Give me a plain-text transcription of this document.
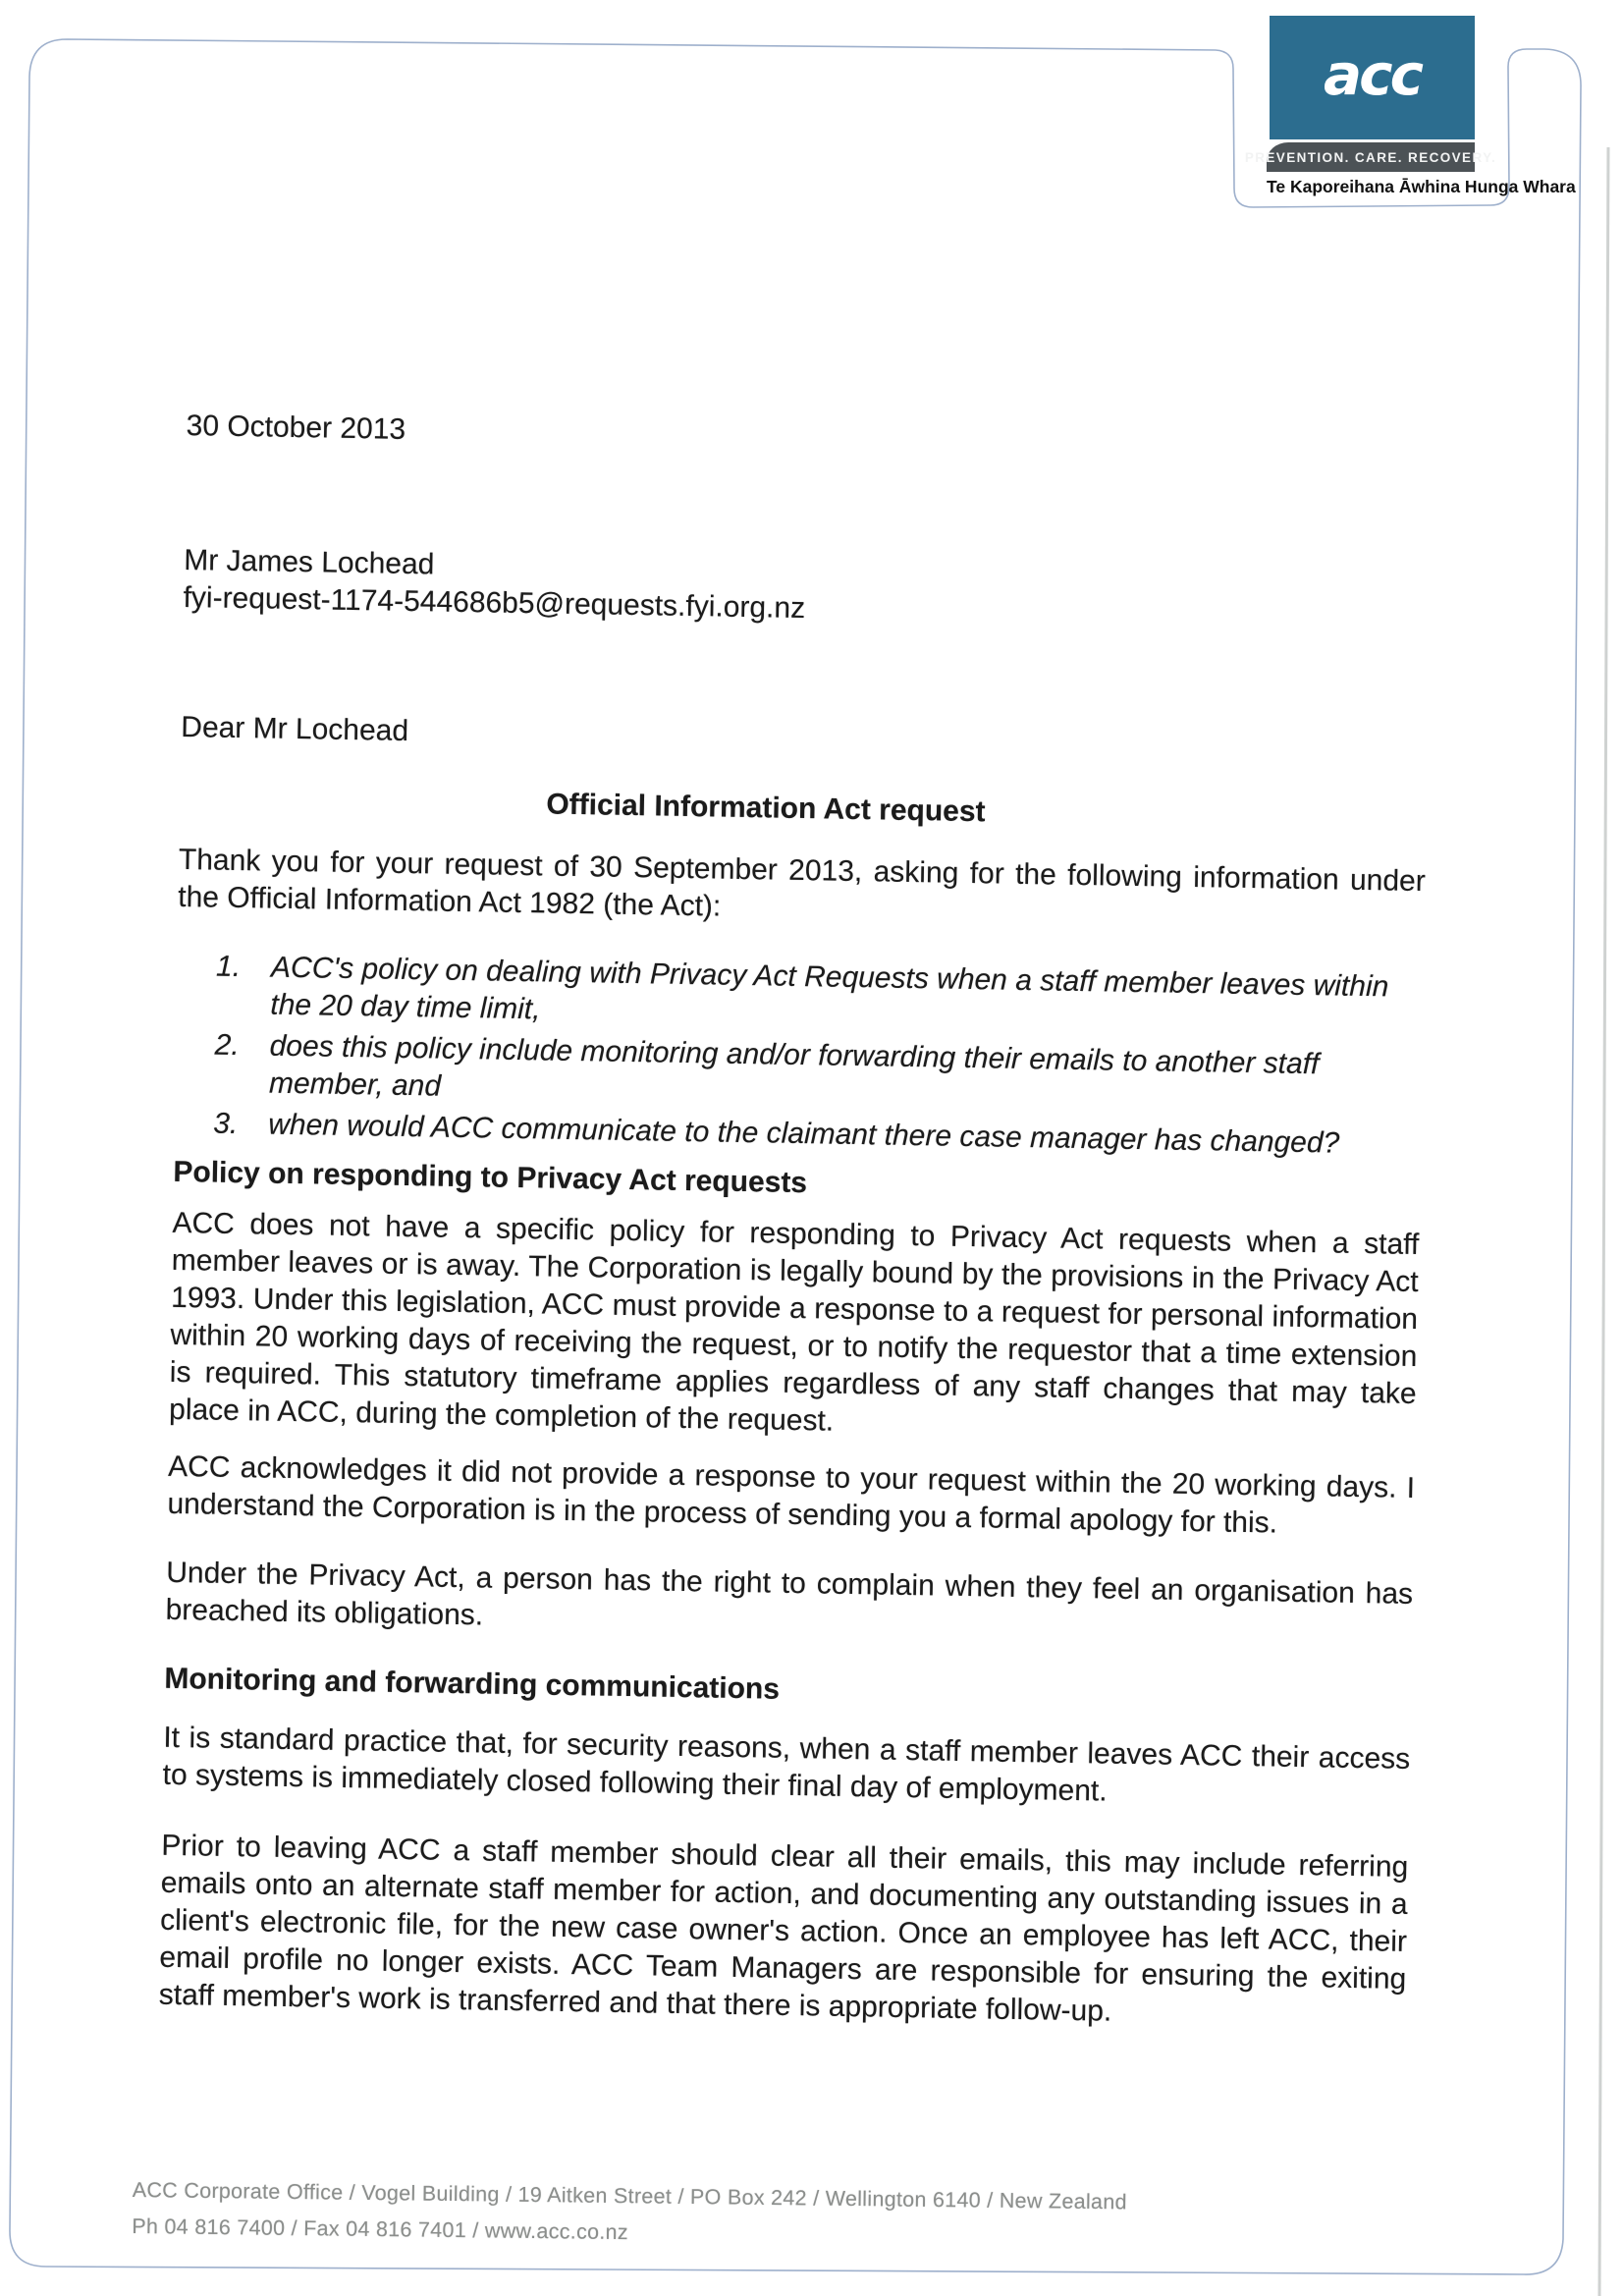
acc
PREVENTION. CARE. RECOVERY.
Te Kaporeihana Āwhina Hunga Whara
30 October 2013
Mr James Lochead
fyi-request-1174-544686b5@requests.fyi.org.nz
Dear Mr Lochead
Official Information Act request
Thank you for your request of 30 September 2013, asking for the following information under the Official Information Act 1982 (the Act):
ACC's policy on dealing with Privacy Act Requests when a staff member leaves within the 20 day time limit,
does this policy include monitoring and/or forwarding their emails to another staff member, and
when would ACC communicate to the claimant there case manager has changed?
Policy on responding to Privacy Act requests
ACC does not have a specific policy for responding to Privacy Act requests when a staff member leaves or is away. The Corporation is legally bound by the provisions in the Privacy Act 1993. Under this legislation, ACC must provide a response to a request for personal information within 20 working days of receiving the request, or to notify the requestor that a time extension is required. This statutory timeframe applies regardless of any staff changes that may take place in ACC, during the completion of the request.
ACC acknowledges it did not provide a response to your request within the 20 working days. I understand the Corporation is in the process of sending you a formal apology for this.
Under the Privacy Act, a person has the right to complain when they feel an organisation has breached its obligations.
Monitoring and forwarding communications
It is standard practice that, for security reasons, when a staff member leaves ACC their access to systems is immediately closed following their final day of employment.
Prior to leaving ACC a staff member should clear all their emails, this may include referring emails onto an alternate staff member for action, and documenting any outstanding issues in a client's electronic file, for the new case owner's action. Once an employee has left ACC, their email profile no longer exists. ACC Team Managers are responsible for ensuring the exiting staff member's work is transferred and that there is appropriate follow-up.
ACC Corporate Office / Vogel Building / 19 Aitken Street / PO Box 242 / Wellington 6140 / New Zealand
Ph 04 816 7400 / Fax 04 816 7401 / www.acc.co.nz
